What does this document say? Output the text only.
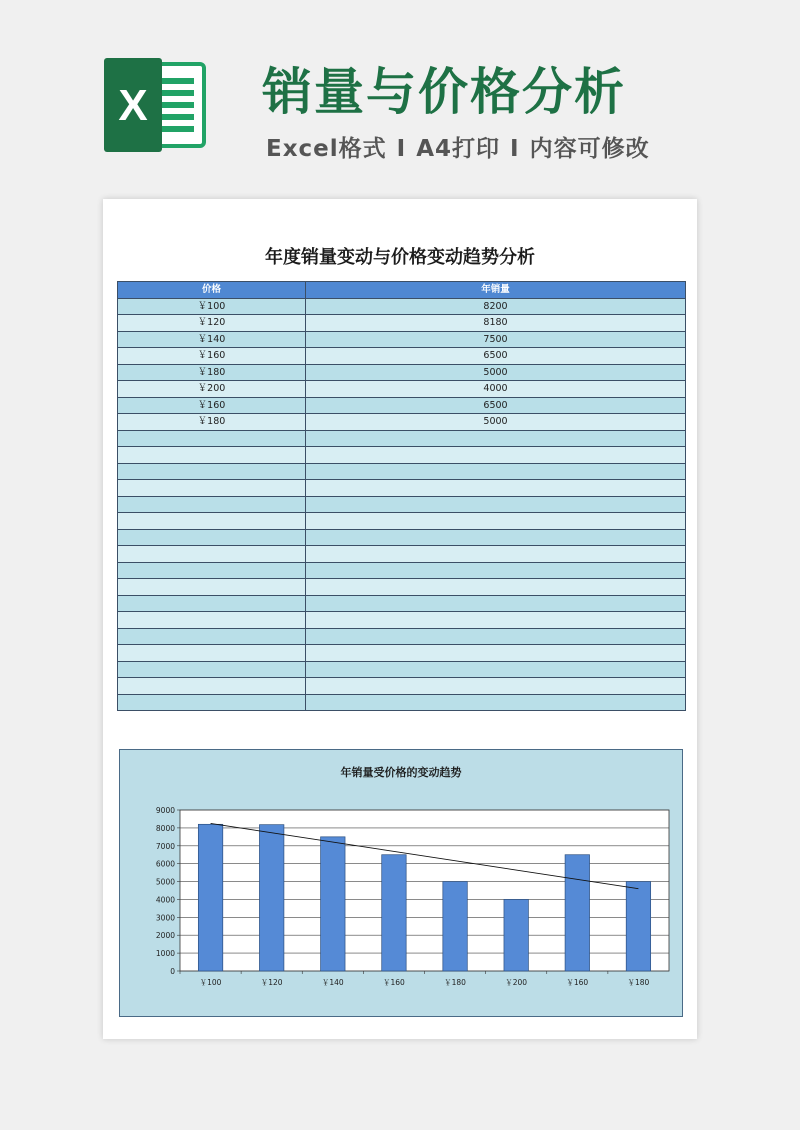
X 销量与价格分析
Excel格式 I A4打印 I 内容可修改
年度销量变动与价格变动趋势分析
价格	年销量
￥100	8200
￥120	8180
￥140	7500
￥160	6500
￥180	5000
￥200	4000
￥160	6500
￥180	5000

年销量受价格的变动趋势
0
1000
2000
3000
4000
5000
6000
7000
8000
9000
￥100	￥120	￥140	￥160	￥180	￥200	￥160	￥180
